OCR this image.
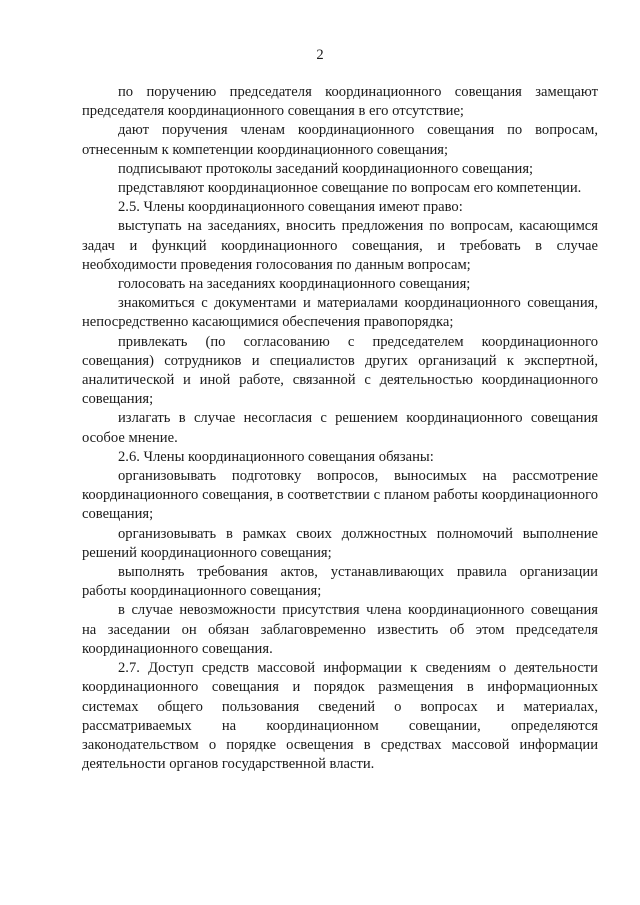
2

по поручению председателя координационного совещания замещают председателя координационного совещания в его отсутствие;

дают поручения членам координационного совещания по вопросам, отнесенным к компетенции координационного совещания;

подписывают протоколы заседаний координационного совещания;

представляют координационное совещание по вопросам его компетенции.

2.5. Члены координационного совещания имеют право:

выступать на заседаниях, вносить предложения по вопросам, касающимся задач и функций координационного совещания, и требовать в случае необходимости проведения голосования по данным вопросам;

голосовать на заседаниях координационного совещания;

знакомиться с документами и материалами координационного совещания, непосредственно касающимися обеспечения правопорядка;

привлекать (по согласованию с председателем координационного совещания) сотрудников и специалистов других организаций к экспертной, аналитической и иной работе, связанной с деятельностью координационного совещания;

излагать в случае несогласия с решением координационного совещания особое мнение.

2.6. Члены координационного совещания обязаны:

организовывать подготовку вопросов, выносимых на рассмотрение координационного совещания, в соответствии с планом работы координационного совещания;

организовывать в рамках своих должностных полномочий выполнение решений координационного совещания;

выполнять требования актов, устанавливающих правила организации работы координационного совещания;

в случае невозможности присутствия члена координационного совещания на заседании он обязан заблаговременно известить об этом председателя координационного совещания.

2.7. Доступ средств массовой информации к сведениям о деятельности координационного совещания и порядок размещения в информационных системах общего пользования сведений о вопросах и материалах, рассматриваемых на координационном совещании, определяются законодательством о порядке освещения в средствах массовой информации деятельности органов государственной власти.
